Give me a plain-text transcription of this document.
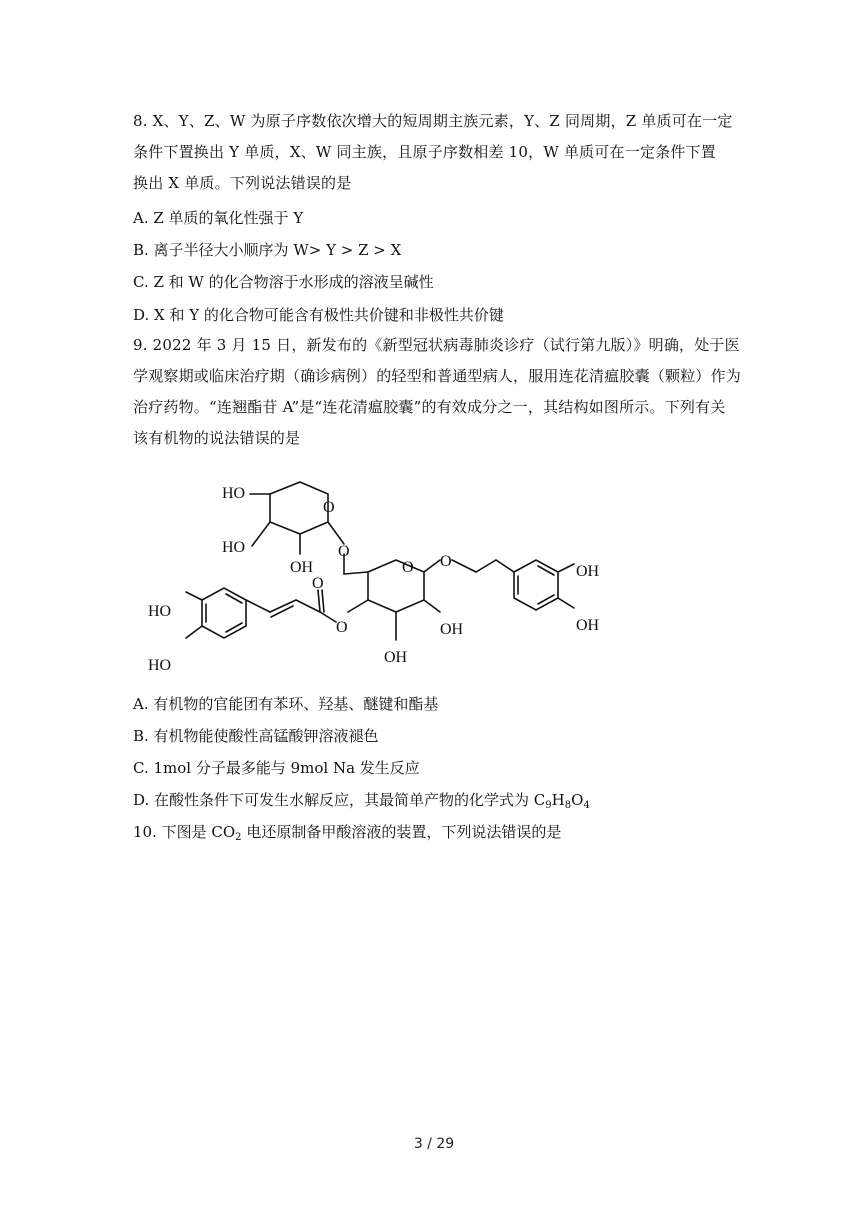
8. X、Y、Z、W 为原子序数依次增大的短周期主族元素，Y、Z 同周期，Z 单质可在一定
条件下置换出 Y 单质，X、W 同主族，且原子序数相差 10，W 单质可在一定条件下置
换出 X 单质。下列说法错误的是

A. Z 单质的氧化性强于 Y

B. 离子半径大小顺序为 W> Y > Z > X

C. Z 和 W 的化合物溶于水形成的溶液呈碱性

D. X 和 Y 的化合物可能含有极性共价键和非极性共价键

9. 2022 年 3 月 15 日，新发布的《新型冠状病毒肺炎诊疗（试行第九版）》明确，处于医
学观察期或临床治疗期（确诊病例）的轻型和普通型病人，服用连花清瘟胶囊（颗粒）作为
治疗药物。“连翘酯苷 A”是“连花清瘟胶囊”的有效成分之一，其结构如图所示。下列有关
该有机物的说法错误的是
HO
HO
OH
O
O
O O
OH
OH
HO
HO
O
O	OH
OH

A. 有机物的官能团有苯环、羟基、醚键和酯基

B. 有机物能使酸性高锰酸钾溶液褪色

C. 1mol 分子最多能与 9mol Na 发生反应

D. 在酸性条件下可发生水解反应，其最简单产物的化学式为 $C_9H_8O_4$

10. 下图是 $CO_2$ 电还原制备甲酸溶液的装置，下列说法错误的是

3 / 29
